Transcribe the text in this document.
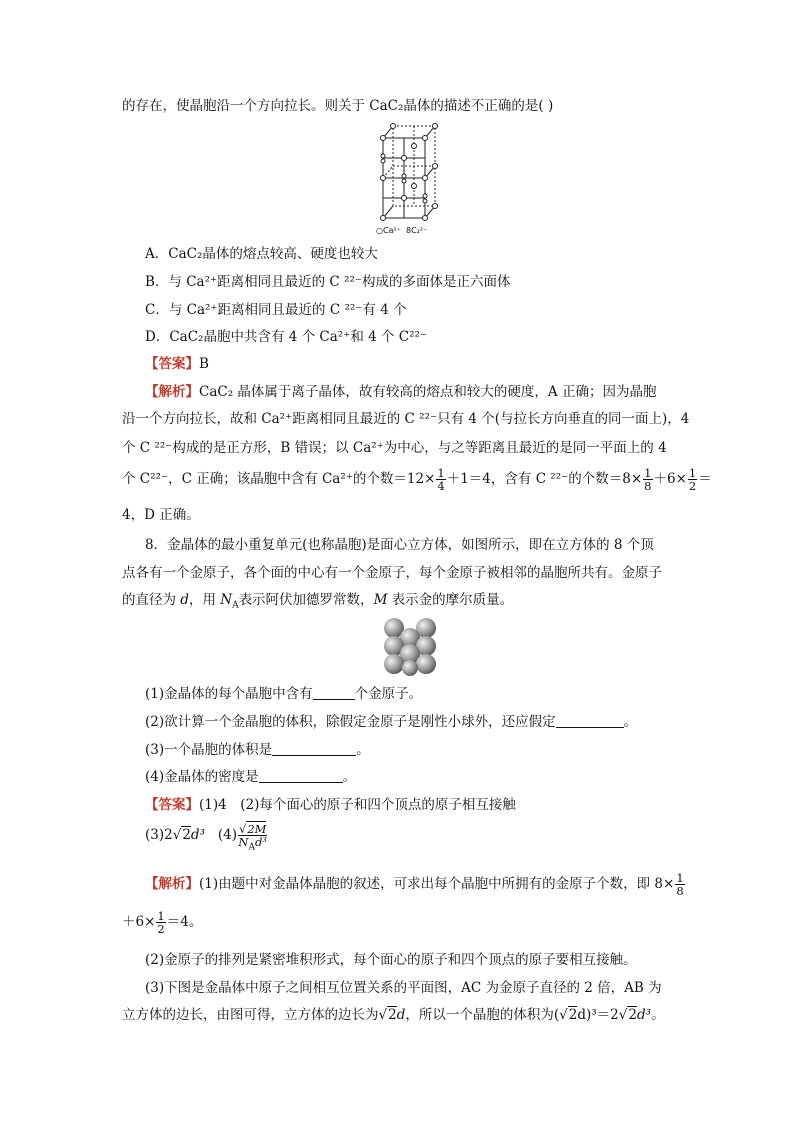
的存在，使晶胞沿一个方向拉长。则关于 CaC₂晶体的描述不正确的是( )
○Ca²⁺ 8C₂²⁻
A．CaC₂晶体的熔点较高、硬度也较大
B．与 Ca²⁺距离相同且最近的 C ²²⁻构成的多面体是正六面体
C．与 Ca²⁺距离相同且最近的 C ²²⁻有 4 个
D．CaC₂晶胞中共含有 4 个 Ca²⁺和 4 个 C²²⁻
【答案】B
【解析】CaC₂ 晶体属于离子晶体，故有较高的熔点和较大的硬度，A 正确；因为晶胞
沿一个方向拉长，故和 Ca²⁺距离相同且最近的 C ²²⁻只有 4 个(与拉长方向垂直的同一面上)，4
个 C ²²⁻构成的是正方形，B 错误；以 Ca²⁺为中心，与之等距离且最近的是同一平面上的 4
个 C²²⁻，C 正确；该晶胞中含有 Ca²⁺的个数$=12\times \frac{1}{4} +1=4$，含有 C ²²⁻的个数$=8\times \frac{1}{8} +6\times \frac{1}{2}$ ＝
4，D 正确。
8．金晶体的最小重复单元(也称晶胞)是面心立方体，如图所示，即在立方体的 8 个顶
点各有一个金原子，各个面的中心有一个金原子，每个金原子被相邻的晶胞所共有。金原子
的直径为 d，用 $N_A$表示阿伏加德罗常数，M 表示金的摩尔质量。
(1)金晶体的每个晶胞中含有	个金原子。
(2)欲计算一个金晶胞的体积，除假定金原子是刚性小球外，还应假定	。
(3)一个晶胞的体积是	。
(4)金晶体的密度是	。
【答案】(1)4　(2)每个面心的原子和四个顶点的原子相互接触
(3)2√2d³ $(4) \frac{√2M}{N_Ad^3}$
【解析】(1)由题中对金晶体晶胞的叙述，可求出每个晶胞中所拥有的金原子个数，即 $8\times \frac{1}{8}$
$+6\times \frac{1}{2} =4$。
(2)金原子的排列是紧密堆积形式，每个面心的原子和四个顶点的原子要相互接触。
(3)下图是金晶体中原子之间相互位置关系的平面图，AC 为金原子直径的 2 倍，AB 为
立方体的边长，由图可得，立方体的边长为√2d，所以一个晶胞的体积为(√2d)³＝2√2d³。
